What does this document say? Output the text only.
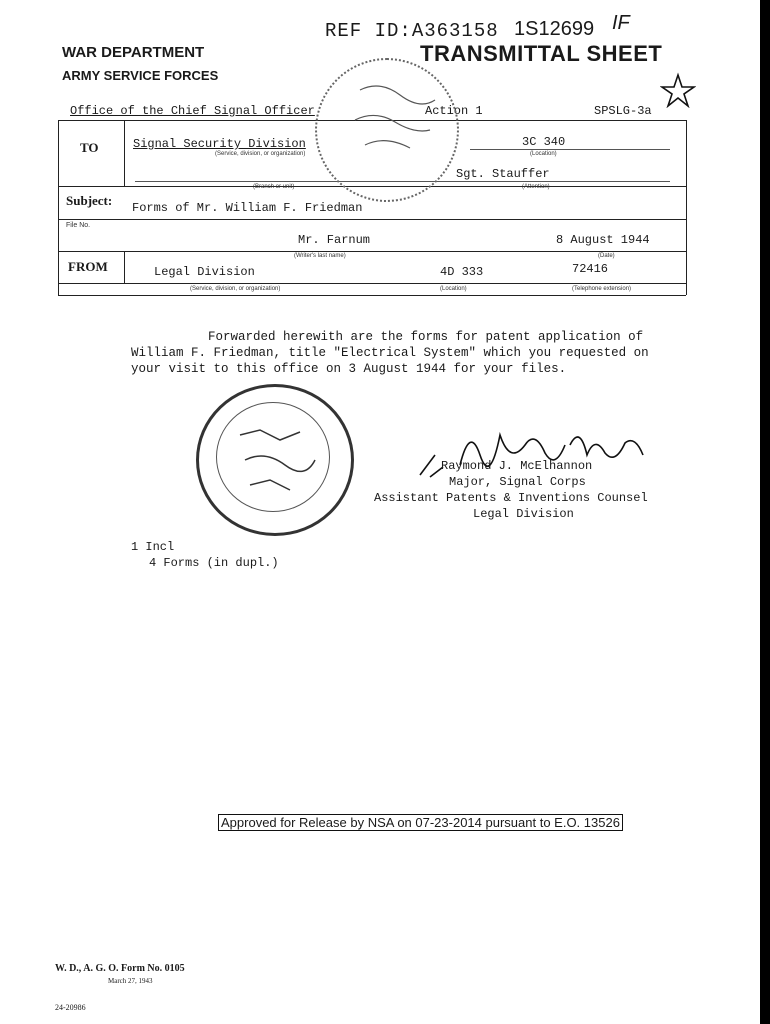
REF ID:A363158 1S12699 IF
WAR DEPARTMENT
ARMY SERVICE FORCES
TRANSMITTAL SHEET
Office of the Chief Signal Officer	Action 1	SPSLG-3a
TO	Signal Security Division
(Service, division, or organization)
3C 340
(Location)
Sgt. Stauffer
(Branch or unit)	(Attention)
Subject: Forms of Mr. William F. Friedman
File No.
Mr. Farnum
(Writer's last name)
8 August 1944
(Date)
FROM	Legal Division	4D 333	72416
(Service, division, or organization)	(Location)	(Telephone extension)
Forwarded herewith are the forms for patent application of
William F. Friedman, title "Electrical System" which you requested on
your visit to this office on 3 August 1944 for your files.
Raymond J. McElhannon
Major, Signal Corps
Assistant Patents & Inventions Counsel
Legal Division
1 Incl
4 Forms (in dupl.)
Approved for Release by NSA on 07-23-2014 pursuant to E.O. 13526
W. D., A. G. O. Form No. 0105
March 27, 1943
24-20986
